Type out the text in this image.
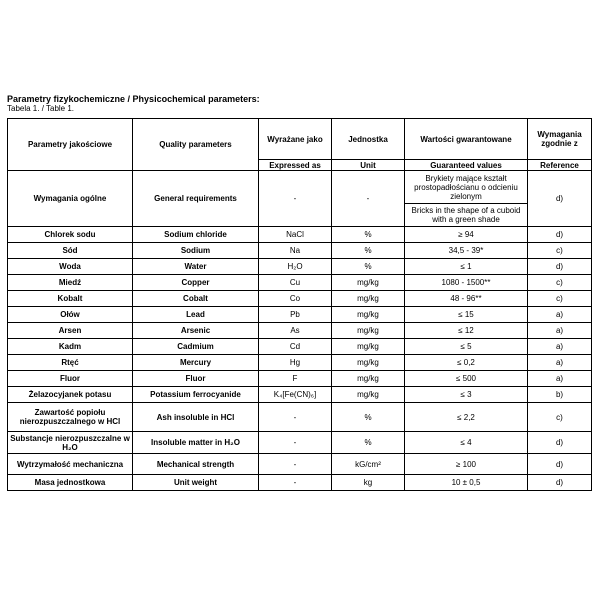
Parametry fizykochemiczne / Physicochemical parameters:
Tabela 1. / Table 1.
Parametry jakościowe	Quality parameters	Wyrażane jako	Jednostka	Wartości gwarantowane	Wymagania zgodnie z
		Expressed as	Unit	Guaranteed values	Reference
Wymagania ogólne	General requirements	-	-	Brykiety mające kształt prostopadłościanu o odcieniu zielonym
Bricks in the shape of a cuboid with a green shade	d)
Chlorek sodu	Sodium chloride	NaCl	%	≥ 94	d)
Sód	Sodium	Na	%	34,5 - 39*	c)
Woda	Water	H₂O	%	≤ 1	d)
Miedź	Copper	Cu	mg/kg	1080 - 1500**	c)
Kobalt	Cobalt	Co	mg/kg	48 - 96**	c)
Ołów	Lead	Pb	mg/kg	≤ 15	a)
Arsen	Arsenic	As	mg/kg	≤ 12	a)
Kadm	Cadmium	Cd	mg/kg	≤ 5	a)
Rtęć	Mercury	Hg	mg/kg	≤ 0,2	a)
Fluor	Fluor	F	mg/kg	≤ 500	a)
Żelazocyjanek potasu	Potassium ferrocyanide	K₄[Fe(CN)₆]	mg/kg	≤ 3	b)
Zawartość popiołu nierozpuszczalnego w HCl	Ash insoluble in HCl	-	%	≤ 2,2	c)
Substancje nierozpuszczalne w H₂O	Insoluble matter in H₂O	-	%	≤ 4	d)
Wytrzymałość mechaniczna	Mechanical strength	-	kG/cm²	≥ 100	d)
Masa jednostkowa	Unit weight	-	kg	10 ± 0,5	d)
